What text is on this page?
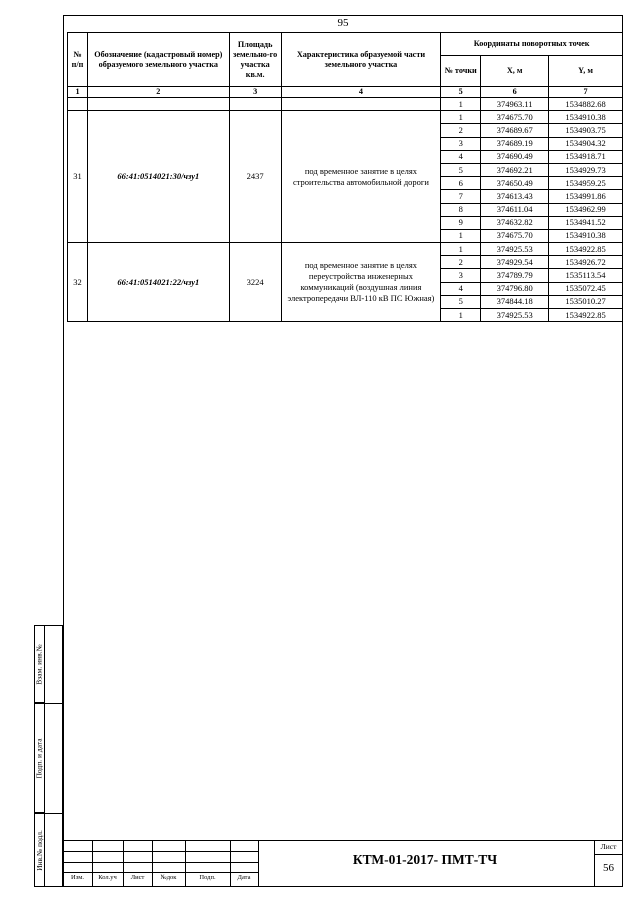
95
№ п/п	Обозначение (кадастровый номер) образуемого земельного участка	Площадь земельно-го участка кв.м.	Характеристика образуемой части земельного участка	Координаты поворотных точек		
				№ точки	X, м	Y, м
1	2	3	4	5	6	7
				1	374963.11	1534882.68
31	66:41:0514021:30/чзу1	2437	под временное занятие в целях строительства автомобильной дороги	1	374675.70	1534910.38
				2	374689.67	1534903.75
				3	374689.19	1534904.32
				4	374690.49	1534918.71
				5	374692.21	1534929.73
				6	374650.49	1534959.25
				7	374613.43	1534991.86
				8	374611.04	1534962.99
				9	374632.82	1534941.52
				1	374675.70	1534910.38
32	66:41:0514021:22/чзу1	3224	под временное занятие в целях переустройства инженерных коммуникаций (воздушная линия электропередачи ВЛ-110 кВ ПС Южная)	1	374925.53	1534922.85
				2	374929.54	1534926.72
				3	374789.79	1535113.54
				4	374796.80	1535072.45
				5	374844.18	1535010.27
				1	374925.53	1534922.85
Взам. инв.№
Подп. и дата
Инв.№ подл.
Изм.	Кол.уч	Лист	№док	Подп.	Дата
КТМ-01-2017- ПМТ-ТЧ
Лист
56
